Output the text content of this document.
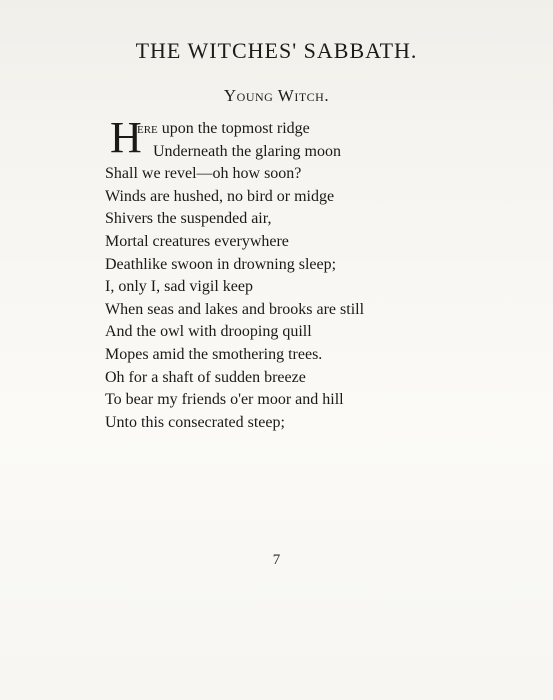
THE WITCHES' SABBATH.
Young Witch.
H
ere upon the topmost ridge
Underneath the glaring moon
Shall we revel—oh how soon?
Winds are hushed, no bird or midge
Shivers the suspended air,
Mortal creatures everywhere
Deathlike swoon in drowning sleep;
I, only I, sad vigil keep
When seas and lakes and brooks are still
And the owl with drooping quill
Mopes amid the smothering trees.
Oh for a shaft of sudden breeze
To bear my friends o'er moor and hill
Unto this consecrated steep;
7
